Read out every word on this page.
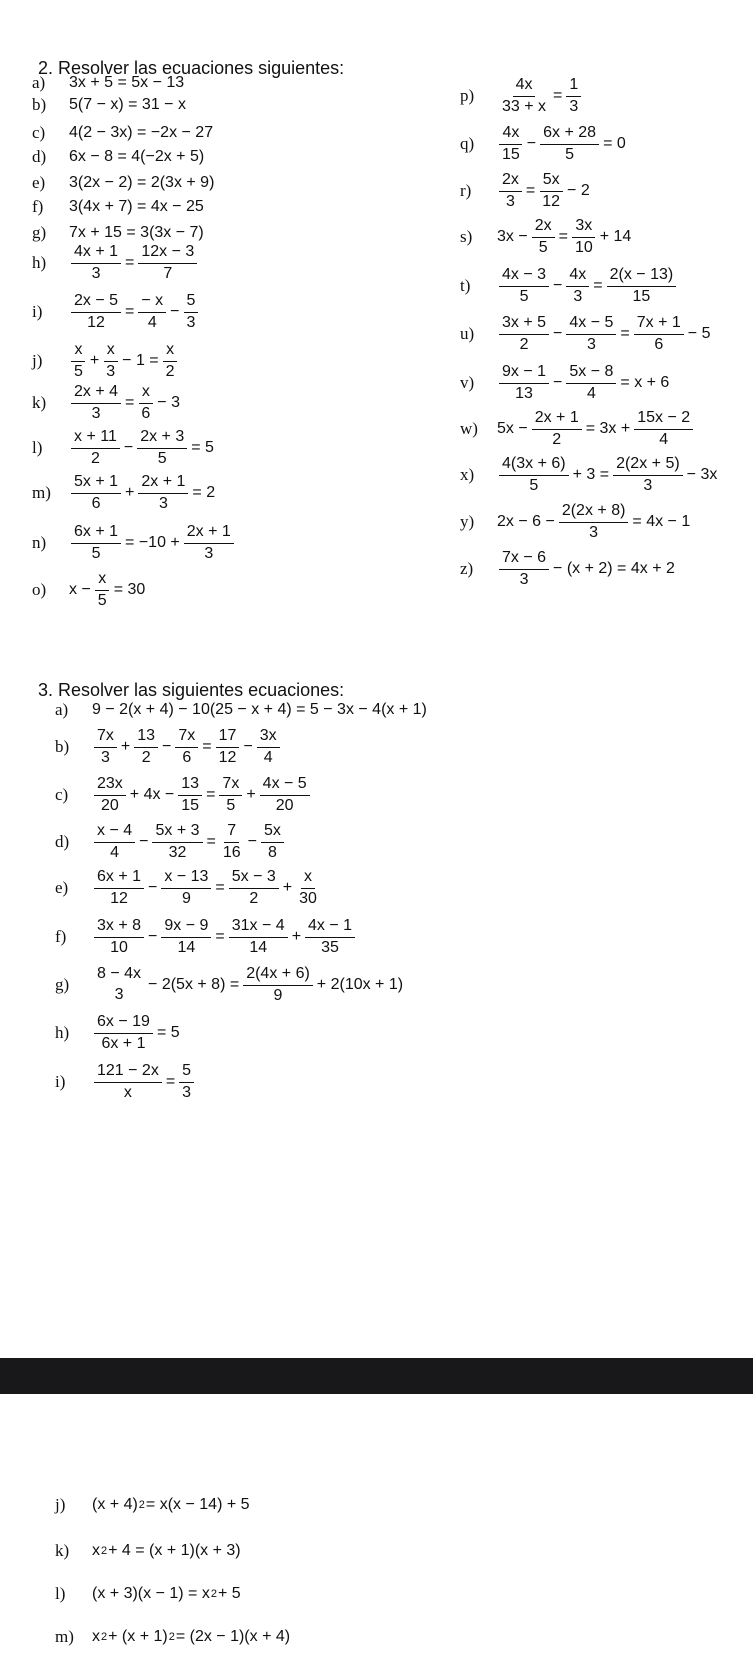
2. Resolver las ecuaciones siguientes:
a)	3x + 5 = 5x − 13
b)	5(7 − x) = 31 − x
c)	4(2 − 3x) = −2x − 27
d)	6x − 8 = 4(−2x + 5)
e)	3(2x − 2) = 2(3x + 9)
f)	3(4x + 7) = 4x − 25
g)	7x + 15 = 3(3x − 7)
h)	$\frac{4x + 1}{3} = \frac{12x - 3}{7}$
i)	$\frac{2x - 5}{12} = \frac{- x}{4} - \frac{5}{3}$
j)	$\frac{x}{5} + \frac{x}{3} - 1 = \frac{x}{2}$
k)	$\frac{2x + 4}{3} = \frac{x}{6} - 3$
l)	$\frac{x + 11}{2} - \frac{2x + 3}{5} = 5$
m)	$\frac{5x + 1}{6} + \frac{2x + 1}{3} = 2$
n)	$\frac{6x + 1}{5} = -10 + \frac{2x + 1}{3}$
o)	$x - \frac{x}{5} = 30$
p)	$\frac{4x}{33 + x} = \frac{1}{3}$
q)	$\frac{4x}{15} - \frac{6x + 28}{5} = 0$
r)	$\frac{2x}{3} = \frac{5x}{12} - 2$
s)	$3x - \frac{2x}{5} = \frac{3x}{10} + 14$
t)	$\frac{4x - 3}{5} - \frac{4x}{3} = \frac{2(x - 13)}{15}$
u)	$\frac{3x + 5}{2} - \frac{4x - 5}{3} = \frac{7x + 1}{6} - 5$
v)	$\frac{9x - 1}{13} - \frac{5x - 8}{4} = x + 6$
w)	$5x - \frac{2x + 1}{2} = 3x + \frac{15x - 2}{4}$
x)	$\frac{4(3x + 6)}{5} + 3 = \frac{2(2x + 5)}{3} - 3x$
y)	$2x - 6 - \frac{2(2x + 8)}{3} = 4x - 1$
z)	$\frac{7x - 6}{3} - (x + 2) = 4x + 2$
3. Resolver las siguientes ecuaciones:
a)	9 − 2(x + 4) − 10(25 − x + 4) = 5 − 3x − 4(x + 1)
b)	$\frac{7x}{3} + \frac{13}{2} - \frac{7x}{6} = \frac{17}{12} - \frac{3x}{4}$
c)	$\frac{23x}{20} + 4x - \frac{13}{15} = \frac{7x}{5} + \frac{4x - 5}{20}$
d)	$\frac{x - 4}{4} - \frac{5x + 3}{32} = \frac{7}{16} - \frac{5x}{8}$
e)	$\frac{6x + 1}{12} - \frac{x - 13}{9} = \frac{5x - 3}{2} + \frac{x}{30}$
f)	$\frac{3x + 8}{10} - \frac{9x - 9}{14} = \frac{31x - 4}{14} + \frac{4x - 1}{35}$
g)
8 − 4x
3
− $2(5x + 8) = \frac{2(4x + 6)}{9} + 2(10x + 1)$
h)	$\frac{6x - 19}{6x + 1} = 5$
i)	$\frac{121 - 2x}{x} = \frac{5}{3}$
j)	(x + 4) 2 = x(x − 14) + 5
k)	x 2 + 4 = (x + 1)(x + 3)
l)	(x + 3)(x − 1) = x 2 + 5
m)	x 2 + (x + 1) 2 = (2x − 1)(x + 4)
